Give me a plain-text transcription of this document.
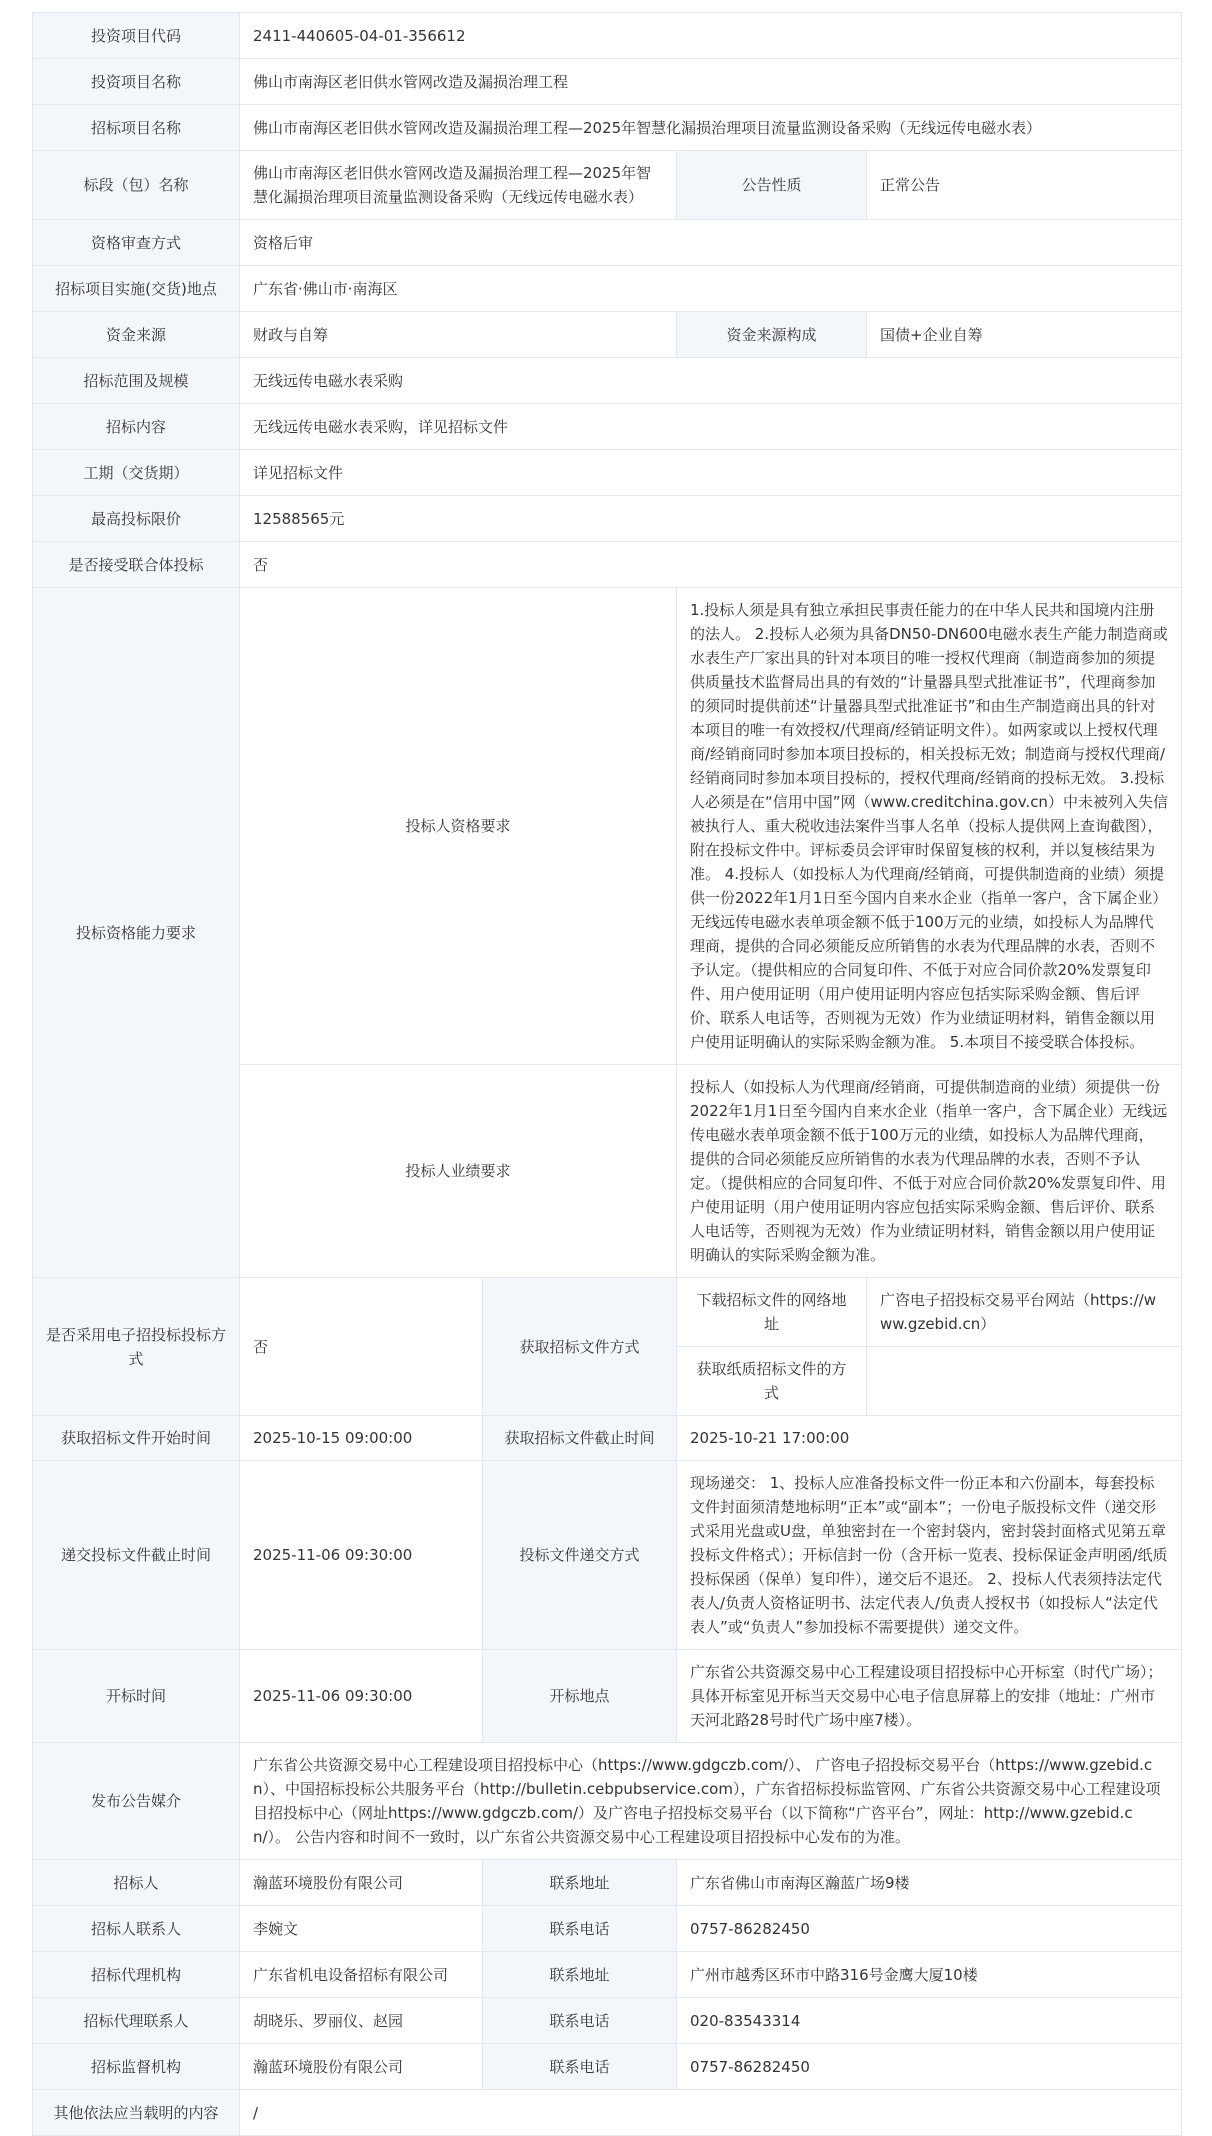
投资项目代码	2411-440605-04-01-356612			
投资项目名称	佛山市南海区老旧供水管网改造及漏损治理工程			
招标项目名称	佛山市南海区老旧供水管网改造及漏损治理工程—2025年智慧化漏损治理项目流量监测设备采购（无线远传电磁水表）			
标段（包）名称	佛山市南海区老旧供水管网改造及漏损治理工程—2025年智慧化漏损治理项目流量监测设备采购（无线远传电磁水表）		公告性质	正常公告
资格审查方式	资格后审			
招标项目实施(交货)地点	广东省·佛山市·南海区			
资金来源	财政与自筹		资金来源构成	国债+企业自筹
招标范围及规模	无线远传电磁水表采购			
招标内容	无线远传电磁水表采购，详见招标文件			
工期（交货期）	详见招标文件			
最高投标限价	12588565元			
是否接受联合体投标	否			
投标资格能力要求	投标人资格要求		1.投标人须是具有独立承担民事责任能力的在中华人民共和国境内注册的法人。 2.投标人必须为具备DN50-DN600电磁水表生产能力制造商或水表生产厂家出具的针对本项目的唯一授权代理商（制造商参加的须提供质量技术监督局出具的有效的“计量器具型式批准证书”，代理商参加的须同时提供前述“计量器具型式批准证书”和由生产制造商出具的针对本项目的唯一有效授权/代理商/经销证明文件）。如两家或以上授权代理商/经销商同时参加本项目投标的，相关投标无效；制造商与授权代理商/经销商同时参加本项目投标的，授权代理商/经销商的投标无效。 3.投标人必须是在“信用中国”网（www.creditchina.gov.cn）中未被列入失信被执行人、重大税收违法案件当事人名单（投标人提供网上查询截图），附在投标文件中。评标委员会评审时保留复核的权利，并以复核结果为准。 4.投标人（如投标人为代理商/经销商，可提供制造商的业绩）须提供一份2022年1月1日至今国内自来水企业（指单一客户，含下属企业）无线远传电磁水表单项金额不低于100万元的业绩，如投标人为品牌代理商，提供的合同必须能反应所销售的水表为代理品牌的水表，否则不予认定。（提供相应的合同复印件、不低于对应合同价款20%发票复印件、用户使用证明（用户使用证明内容应包括实际采购金额、售后评价、联系人电话等，否则视为无效）作为业绩证明材料，销售金额以用户使用证明确认的实际采购金额为准。 5.本项目不接受联合体投标。	
	投标人业绩要求		投标人（如投标人为代理商/经销商，可提供制造商的业绩）须提供一份2022年1月1日至今国内自来水企业（指单一客户，含下属企业）无线远传电磁水表单项金额不低于100万元的业绩，如投标人为品牌代理商，提供的合同必须能反应所销售的水表为代理品牌的水表，否则不予认定。（提供相应的合同复印件、不低于对应合同价款20%发票复印件、用户使用证明（用户使用证明内容应包括实际采购金额、售后评价、联系人电话等，否则视为无效）作为业绩证明材料，销售金额以用户使用证明确认的实际采购金额为准。	
是否采用电子招投标投标方式	否	获取招标文件方式	下载招标文件的网络地址	广咨电子招投标交易平台网站（https://www.gzebid.cn）
			获取纸质招标文件的方式	
获取招标文件开始时间	2025-10-15 09:00:00	获取招标文件截止时间	2025-10-21 17:00:00	
递交投标文件截止时间	2025-11-06 09:30:00	投标文件递交方式	现场递交： 1、投标人应准备投标文件一份正本和六份副本，每套投标文件封面须清楚地标明“正本”或“副本”；一份电子版投标文件（递交形式采用光盘或U盘，单独密封在一个密封袋内，密封袋封面格式见第五章投标文件格式）；开标信封一份（含开标一览表、投标保证金声明函/纸质投标保函（保单）复印件），递交后不退还。 2、投标人代表须持法定代表人/负责人资格证明书、法定代表人/负责人授权书（如投标人“法定代表人”或“负责人”参加投标不需要提供）递交文件。	
开标时间	2025-11-06 09:30:00	开标地点	广东省公共资源交易中心工程建设项目招投标中心开标室（时代广场）；具体开标室见开标当天交易中心电子信息屏幕上的安排（地址：广州市天河北路28号时代广场中座7楼）。	
发布公告媒介	广东省公共资源交易中心工程建设项目招投标中心（https://www.gdgczb.com/）、 广咨电子招投标交易平台（https://www.gzebid.cn）、中国招标投标公共服务平台（http://bulletin.cebpubservice.com），广东省招标投标监管网、广东省公共资源交易中心工程建设项目招投标中心（网址https://www.gdgczb.com/）及广咨电子招投标交易平台（以下简称“广咨平台”，网址：http://www.gzebid.cn/）。 公告内容和时间不一致时，以广东省公共资源交易中心工程建设项目招投标中心发布的为准。			
招标人	瀚蓝环境股份有限公司	联系地址	广东省佛山市南海区瀚蓝广场9楼	
招标人联系人	李婉文	联系电话	0757-86282450	
招标代理机构	广东省机电设备招标有限公司	联系地址	广州市越秀区环市中路316号金鹰大厦10楼	
招标代理联系人	胡晓乐、罗丽仪、赵园	联系电话	020-83543314	
招标监督机构	瀚蓝环境股份有限公司	联系电话	0757-86282450	
其他依法应当载明的内容	/			
